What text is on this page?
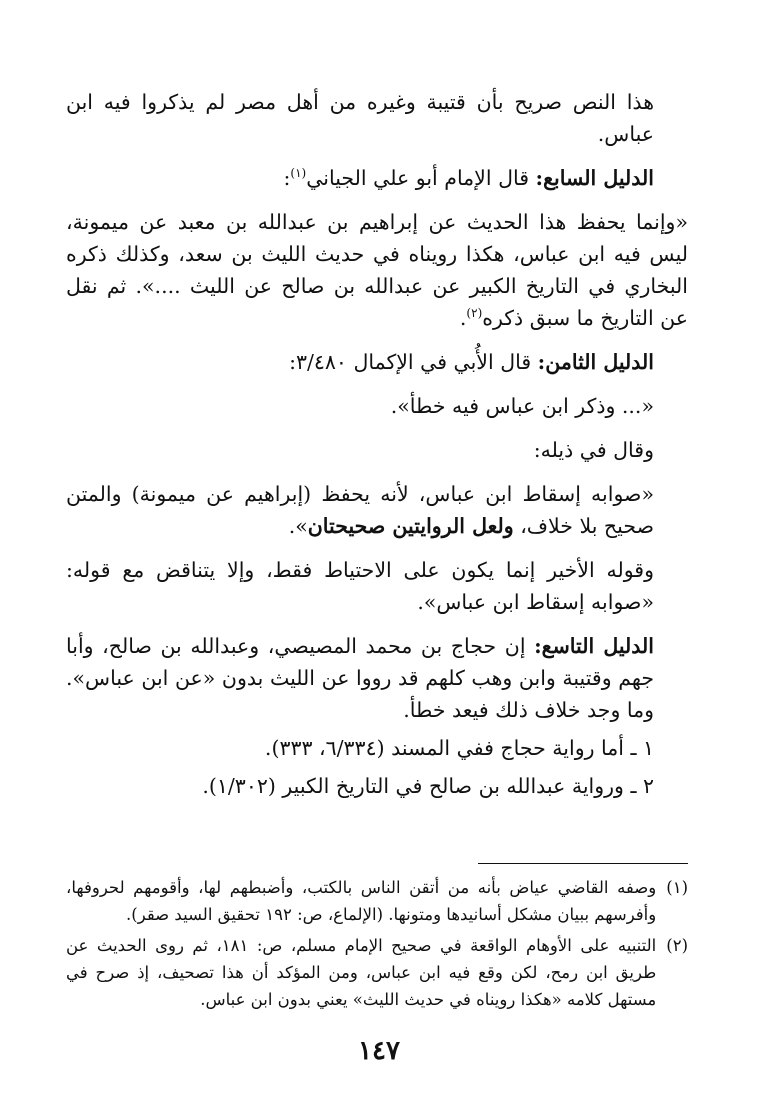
هذا النص صريح بأن قتيبة وغيره من أهل مصر لم يذكروا فيه ابن عباس.

الدليل السابع: قال الإمام أبو علي الجياني$^{(١)}$:

«وإنما يحفظ هذا الحديث عن إبراهيم بن عبدالله بن معبد عن ميمونة، ليس فيه ابن عباس، هكذا رويناه في حديث الليث بن سعد، وكذلك ذكره البخاري في التاريخ الكبير عن عبدالله بن صالح عن الليث ....». ثم نقل عن التاريخ ما سبق ذكره$^{(٢)}$.

الدليل الثامن: قال الأُبي في الإكمال ٣/٤٨٠:

«... وذكر ابن عباس فيه خطأ».

وقال في ذيله:

«صوابه إسقاط ابن عباس، لأنه يحفظ (إبراهيم عن ميمونة) والمتن صحيح بلا خلاف، ولعل الروايتين صحيحتان».

وقوله الأخير إنما يكون على الاحتياط فقط، وإلا يتناقض مع قوله: «صوابه إسقاط ابن عباس».

الدليل التاسع: إن حجاج بن محمد المصيصي، وعبدالله بن صالح، وأبا جهم وقتيبة وابن وهب كلهم قد رووا عن الليث بدون «عن ابن عباس». وما وجد خلاف ذلك فيعد خطأ.

١ ـ أما رواية حجاج ففي المسند (٦/٣٣٤، ٣٣٣).

٢ ـ ورواية عبدالله بن صالح في التاريخ الكبير (١/٣٠٢).

(١)
وصفه القاضي عياض بأنه من أتقن الناس بالكتب، وأضبطهم لها، وأقومهم لحروفها، وأفرسهم ببيان مشكل أسانيدها ومتونها. (الإلماع، ص: ١٩٢ تحقيق السيد صقر).
(٢)
التنبيه على الأوهام الواقعة في صحيح الإمام مسلم، ص: ١٨١، ثم روى الحديث عن طريق ابن رمح، لكن وقع فيه ابن عباس، ومن المؤكد أن هذا تصحيف، إذ صرح في مستهل كلامه «هكذا رويناه في حديث الليث» يعني بدون ابن عباس.
١٤٧
